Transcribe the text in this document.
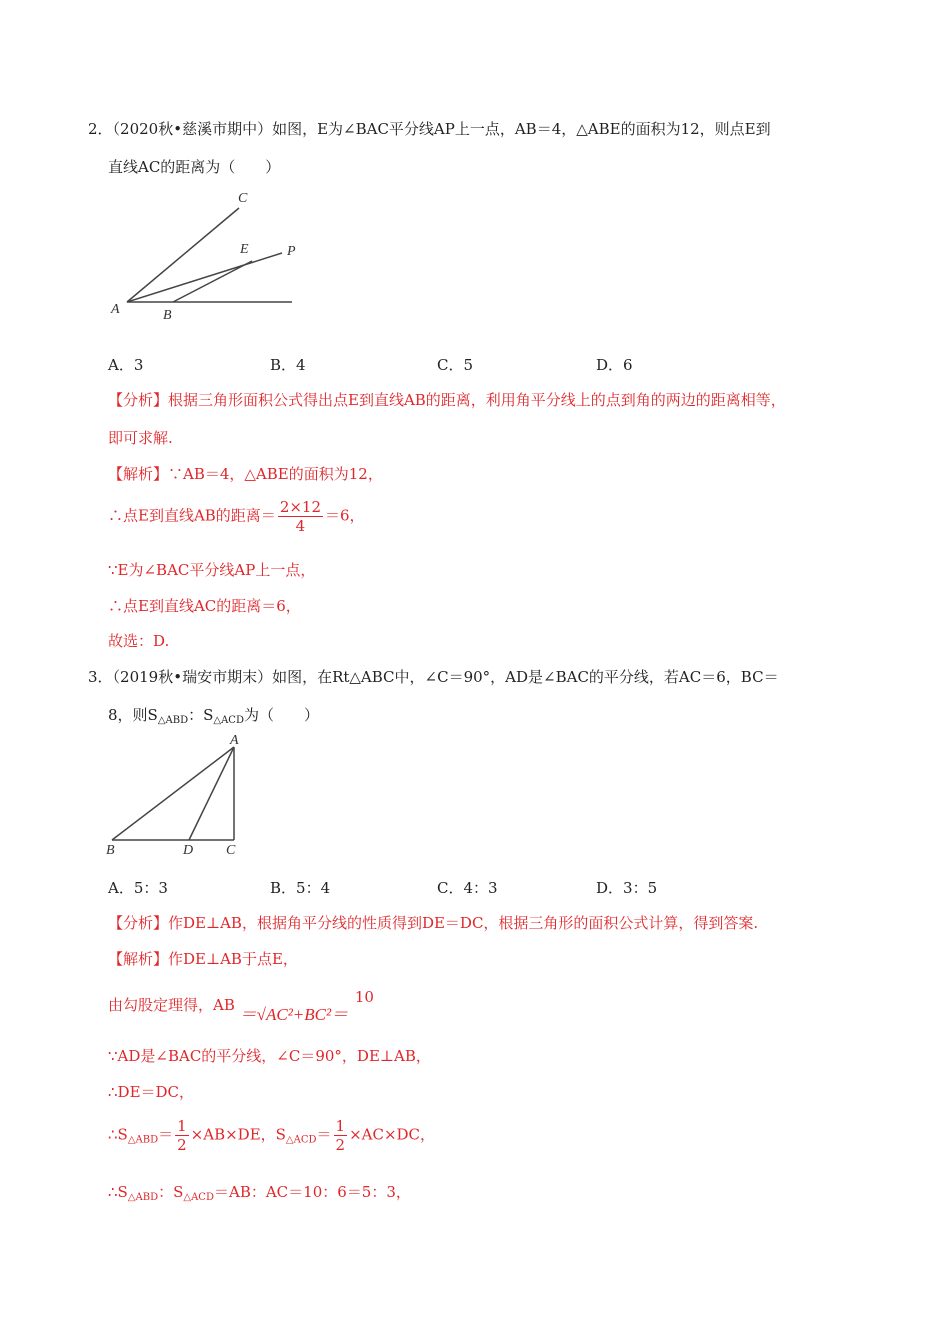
2．（2020秋•慈溪市期中）如图，E为∠BAC平分线AP上一点，AB＝4，△ABE的面积为12，则点E到
直线AC的距离为（　　）
C
E	P
A	B
A．3	B．4	C．5	D．6
【分析】根据三角形面积公式得出点E到直线AB的距离，利用角平分线上的点到角的两边的距离相等，
即可求解.
【解析】∵AB＝4，△ABE的面积为12，
∴点E到直线AB的距离＝ $\frac{2\times 12}{4} =6$，
∵E为∠BAC平分线AP上一点，
∴点E到直线AC的距离＝6，
故选：D.
3．（2019秋•瑞安市期末）如图，在Rt△ABC中，∠C＝90°，AD是∠BAC的平分线，若AC＝6，BC＝
8，则$S_{\triangle ABD}$：$S_{\triangle ACD}$为（　　）
A
B	D C
A．5：3	B．5：4	C．4：3	D．3：5
【分析】作DE⊥AB，根据角平分线的性质得到DE＝DC，根据三角形的面积公式计算，得到答案.
【解析】作DE⊥AB于点E，
由勾股定理得，AB ＝√AC²+BC²＝ 10
∵AD是∠BAC的平分线，∠C＝90°，DE⊥AB，
∴DE＝DC，
$\therefore S_{\triangle ABD}= \frac{1}{2} \times AB\times DE$，$S_{\triangle ACD}= \frac{1}{2} \times AC\times DC$，
$\therefore S_{\triangle ABD}$：$S_{\triangle ACD}=AB$：AC＝10：6＝5：3，
